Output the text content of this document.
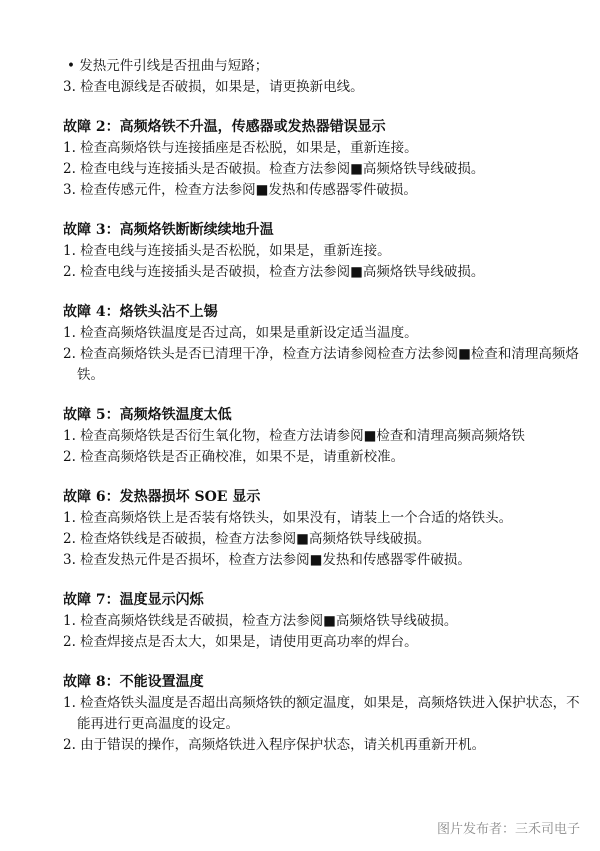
• 发热元件引线是否扭曲与短路；
3. 检查电源线是否破损，如果是，请更换新电线。
故障 2：高频烙铁不升温，传感器或发热器错误显示
1. 检查高频烙铁与连接插座是否松脱，如果是，重新连接。
2. 检查电线与连接插头是否破损。检查方法参阅■高频烙铁导线破损。
3. 检查传感元件，检查方法参阅■发热和传感器零件破损。
故障 3：高频烙铁断断续续地升温
1. 检查电线与连接插头是否松脱，如果是，重新连接。
2. 检查电线与连接插头是否破损，检查方法参阅■高频烙铁导线破损。
故障 4：烙铁头沾不上锡
1. 检查高频烙铁温度是否过高，如果是重新设定适当温度。
2. 检查高频烙铁头是否已清理干净，检查方法请参阅检查方法参阅■检查和清理高频烙铁。
故障 5：高频烙铁温度太低
1. 检查高频烙铁是否衍生氧化物，检查方法请参阅■检查和清理高频高频烙铁
2. 检查高频烙铁是否正确校准，如果不是，请重新校准。
故障 6：发热器损坏 SOE 显示
1. 检查高频烙铁上是否装有烙铁头，如果没有，请装上一个合适的烙铁头。
2. 检查烙铁线是否破损，检查方法参阅■高频烙铁导线破损。
3. 检查发热元件是否损坏，检查方法参阅■发热和传感器零件破损。
故障 7：温度显示闪烁
1. 检查高频烙铁线是否破损，检查方法参阅■高频烙铁导线破损。
2. 检查焊接点是否太大，如果是，请使用更高功率的焊台。
故障 8：不能设置温度
1. 检查烙铁头温度是否超出高频烙铁的额定温度，如果是，高频烙铁进入保护状态，不能再进行更高温度的设定。
2. 由于错误的操作，高频烙铁进入程序保护状态，请关机再重新开机。
图片发布者：三禾司电子
